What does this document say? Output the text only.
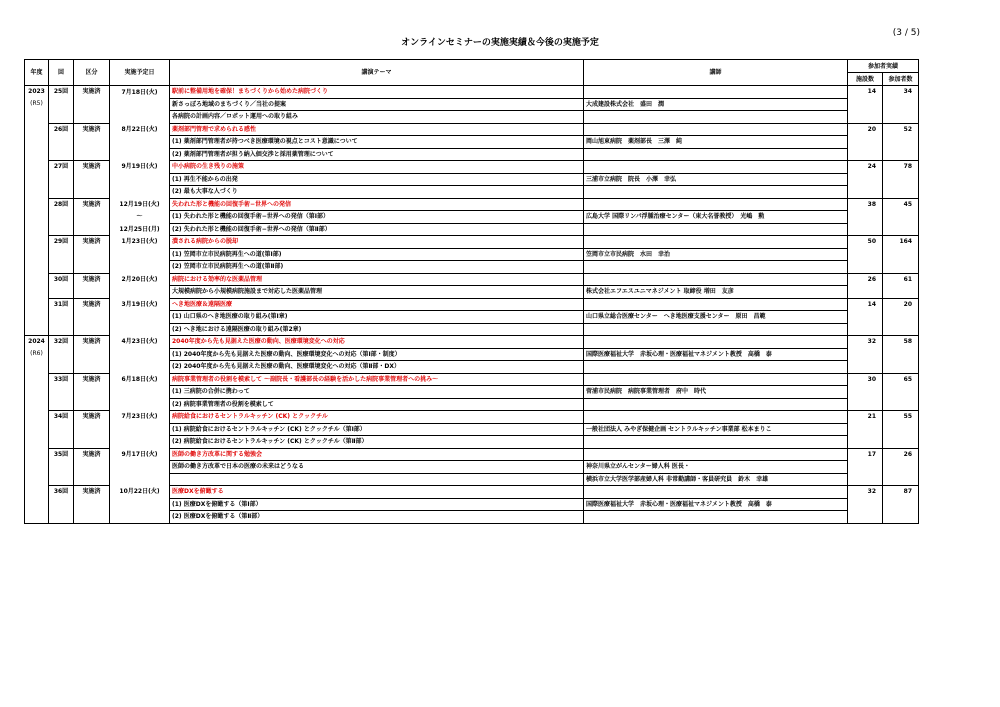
(3 / 5)
オンラインセミナーの実施実績＆今後の実施予定
年度	回	区分	実施予定日	講演テーマ	講師	参加者実績	
						施設数	参加者数

2023
(R5)	25回	実施済	7月18日(火)	駅前に整備用地を確保！まちづくりから始めた病院づくり		14	34
				新さっぽろ地域のまちづくり／当社の提案	大成建設株式会社　盛田　潤		
				各病院の計画内容／ロボット運用への取り組み			
	26回	実施済	8月22日(火)	薬剤部門管理で求められる感性		20	52
				(1) 薬剤部門管理者が持つべき医療環境の視点とコスト意識について	岡山旭東病院　薬剤部長　三澤　純		
				(2) 薬剤部門管理者が担う納入価交渉と採用薬管理について			
	27回	実施済	9月19日(火)	中小病院の生き残りの施策		24	78
				(1) 再生不能からの出発	三浦市立病院　院長　小澤　幸弘		
				(2) 最も大事な人づくり			
	28回	実施済	12月19日(火)	失われた形と機能の回復手術−世界への発信		38	45
			〜	(1) 失われた形と機能の回復手術−世界への発信（第Ⅰ部）	広島大学 国際リンパ浮腫治療センター（東大名誉教授）　光嶋　勲		
			12月25日(月)	(2) 失われた形と機能の回復手術−世界への発信（第Ⅱ部）			
	29回	実施済	1月23日(火)	潰される病院からの脱却		50	164
				(1) 笠岡市立市民病院再生への道(第Ⅰ部)	笠岡市立市民病院　水田　幸治		
				(2) 笠岡市立市民病院再生への道(第Ⅱ部)			
	30回	実施済	2月20日(火)	病院における効率的な医薬品管理		26	61
				大規模病院から小規模病院施設まで対応した医薬品管理	株式会社エフエスユニマネジメント 取締役 増田　友彦		
	31回	実施済	3月19日(火)	へき地医療＆遠隔医療		14	20
				(1) 山口県のへき地医療の取り組み(第Ⅰ章)	山口県立総合医療センター　へき地医療支援センター　原田　昌範		
				(2) へき地における遠隔医療の取り組み(第2章)			

2024
(R6)	32回	実施済	4月23日(火)	2040年度から先も見据えた医療の動向、医療環境変化への対応		32	58
				(1) 2040年度から先も見据えた医療の動向、医療環境変化への対応（第Ⅰ部・制度）	国際医療福祉大学　赤坂心理・医療福祉マネジメント教授　高橋　泰		
				(2) 2040年度から先も見据えた医療の動向、医療環境変化への対応（第Ⅱ部・DX）			
	33回	実施済	6月18日(火)	病院事業管理者の役割を模索して 〜副院長・看護部長の経験を活かした病院事業管理者への挑み〜		30	65
				(1) 三病院の合併に携わって	菅浦市民病院　病院事業管理者　府中　時代		
				(2) 病院事業管理者の役割を模索して			
	34回	実施済	7月23日(火)	病院給食におけるセントラルキッチン (CK) とクックチル		21	55
				(1) 病院給食におけるセントラルキッチン (CK) とクックチル（第Ⅰ部）	一般社団法人 みやぎ保健企画 セントラルキッチン事業部 松本まりこ		
				(2) 病院給食におけるセントラルキッチン (CK) とクックチル（第Ⅱ部）			
	35回	実施済	9月17日(火)	医師の働き方改革に関する勉強会		17	26
				医師の働き方改革で日本の医療の未来はどうなる	神奈川県立がんセンター婦人科 医長・		
					横浜市立大学医学部産婦人科 非常勤講師・客員研究員　鈴木　幸雄		
	36回	実施済	10月22日(火)	医療DXを俯瞰する		32	87
				(1) 医療DXを俯瞰する（第Ⅰ部）	国際医療福祉大学　赤坂心理・医療福祉マネジメント教授　高橋　泰		
				(2) 医療DXを俯瞰する（第Ⅱ部）			
